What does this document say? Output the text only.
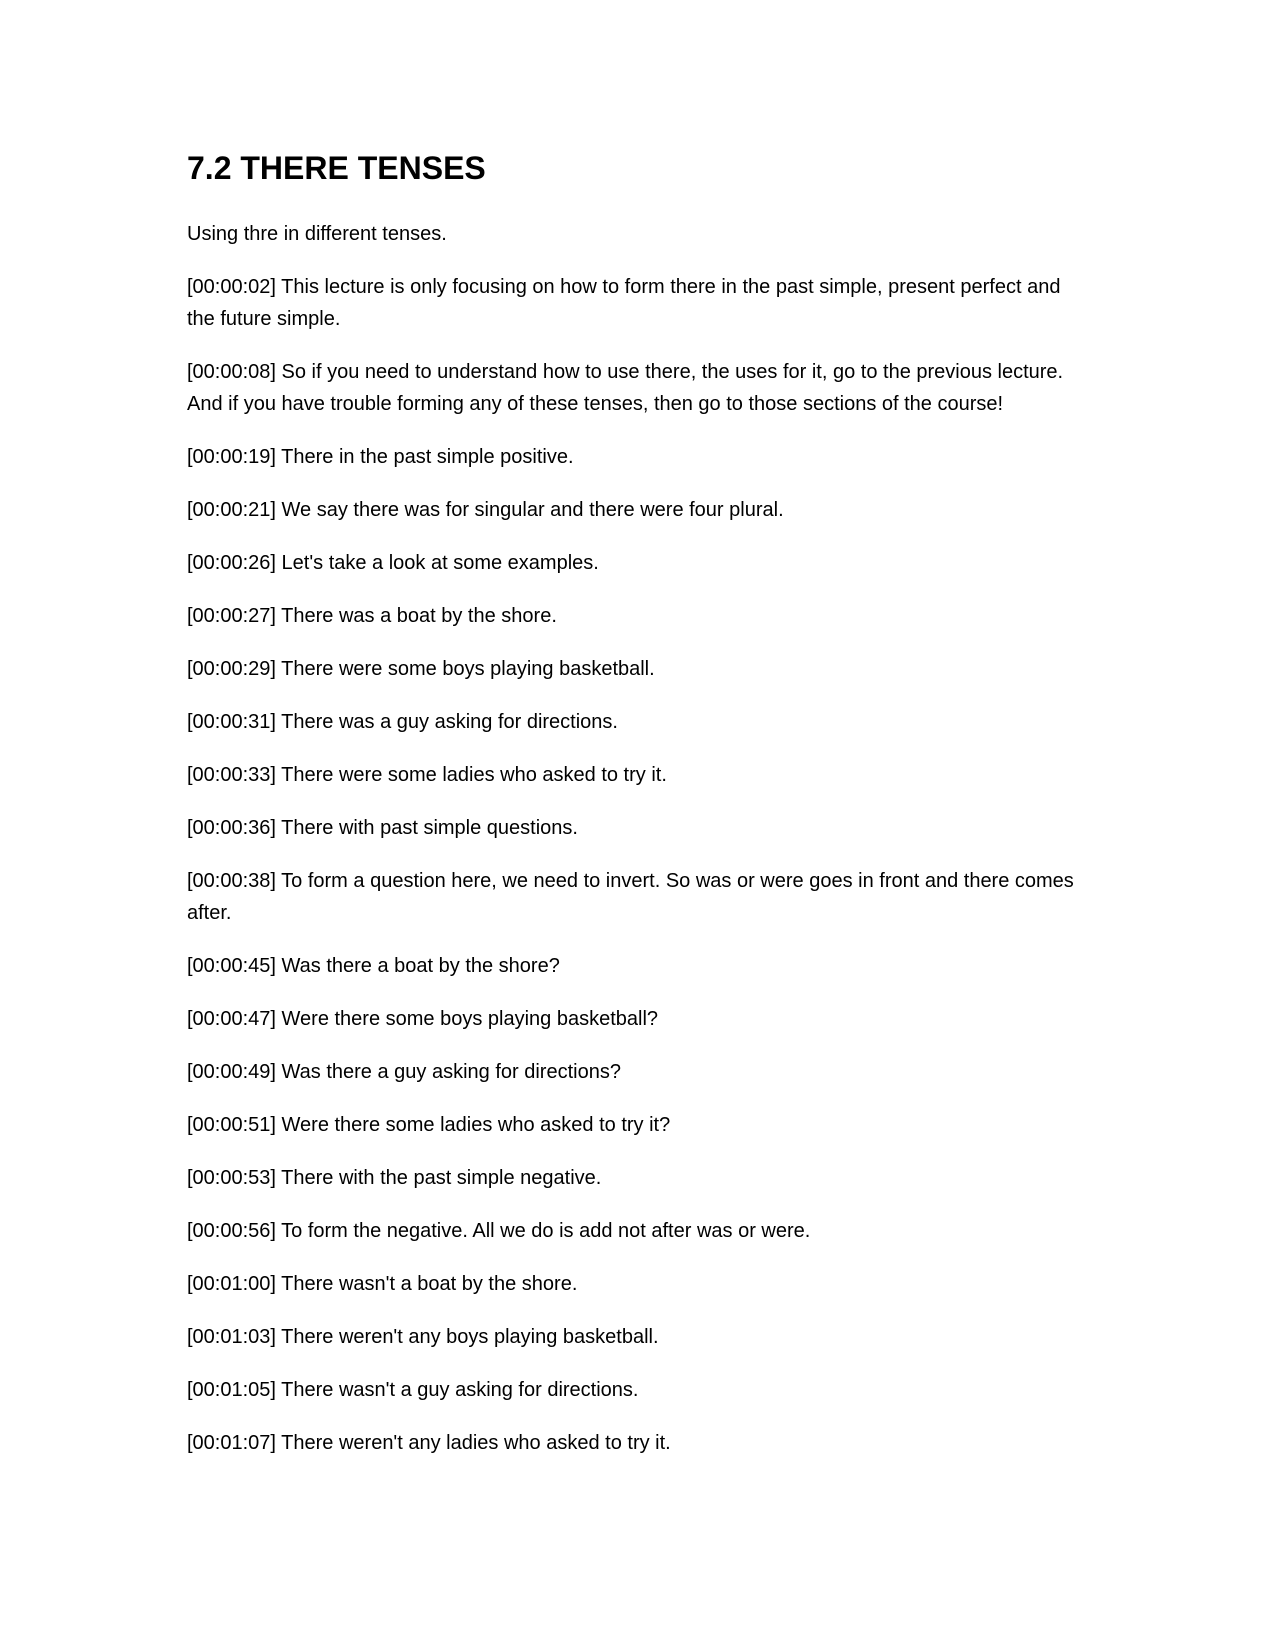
7.2 THERE TENSES

Using thre in different tenses.

[00:00:02] This lecture is only focusing on how to form there in the past simple, present perfect and the future simple.

[00:00:08] So if you need to understand how to use there, the uses for it, go to the previous lecture. And if you have trouble forming any of these tenses, then go to those sections of the course!

[00:00:19] There in the past simple positive.

[00:00:21] We say there was for singular and there were four plural.

[00:00:26] Let's take a look at some examples.

[00:00:27] There was a boat by the shore.

[00:00:29] There were some boys playing basketball.

[00:00:31] There was a guy asking for directions.

[00:00:33] There were some ladies who asked to try it.

[00:00:36] There with past simple questions.

[00:00:38] To form a question here, we need to invert. So was or were goes in front and there comes after.

[00:00:45] Was there a boat by the shore?

[00:00:47] Were there some boys playing basketball?

[00:00:49] Was there a guy asking for directions?

[00:00:51] Were there some ladies who asked to try it?

[00:00:53] There with the past simple negative.

[00:00:56] To form the negative. All we do is add not after was or were.

[00:01:00] There wasn't a boat by the shore.

[00:01:03] There weren't any boys playing basketball.

[00:01:05] There wasn't a guy asking for directions.

[00:01:07] There weren't any ladies who asked to try it.
